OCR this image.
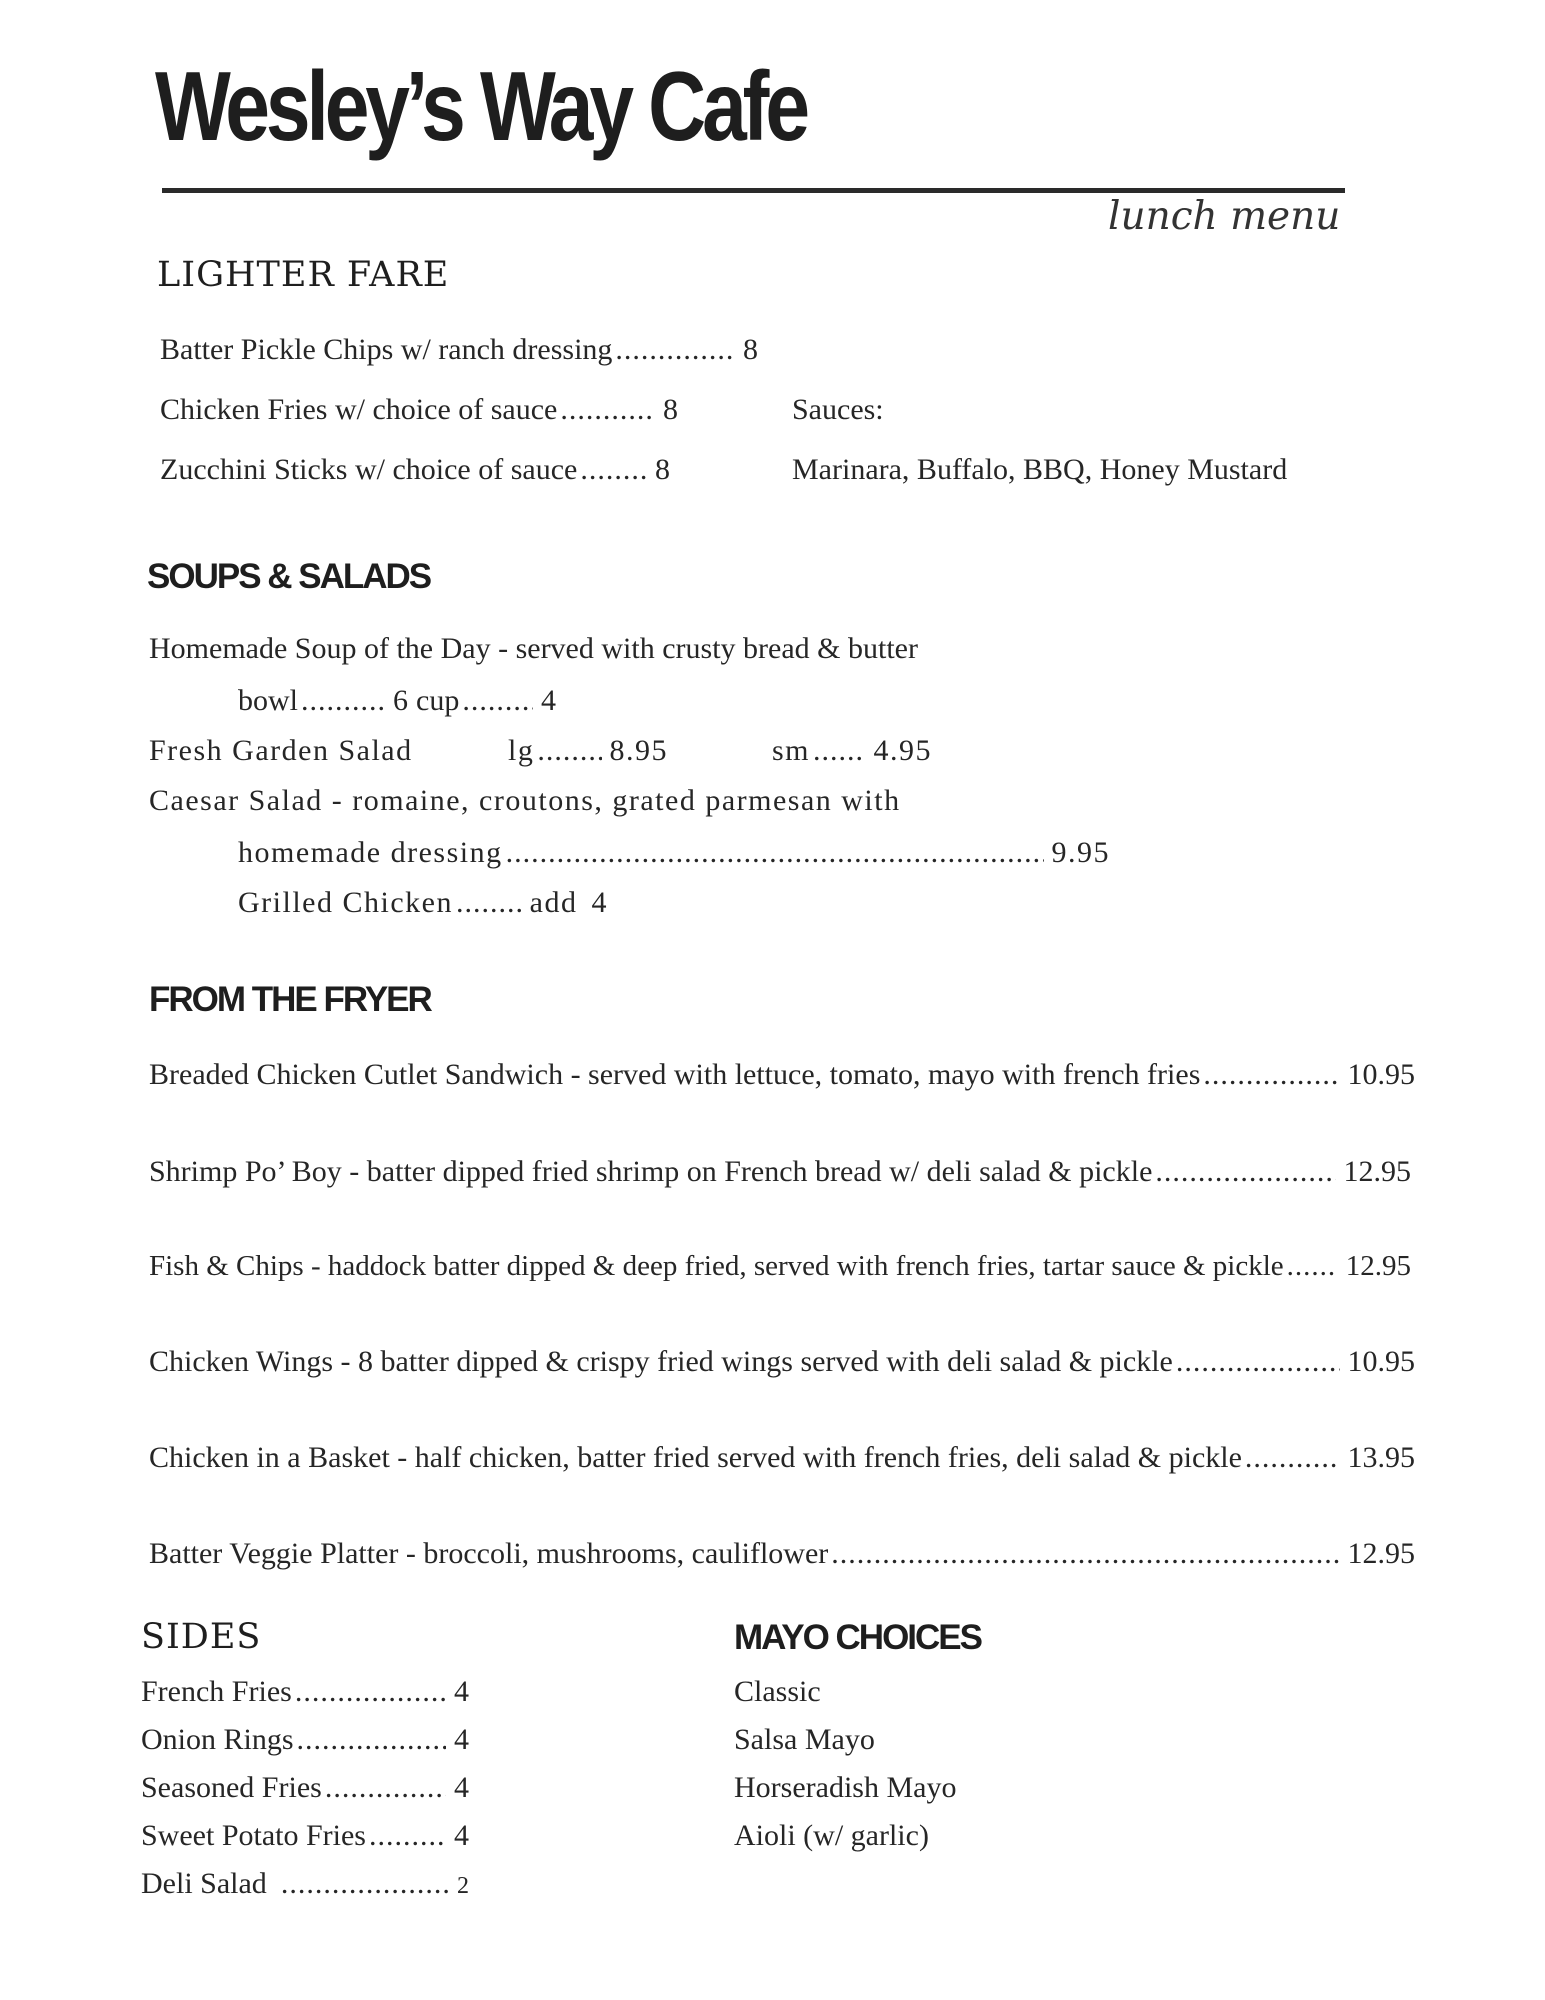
Wesley’s Way Cafe
lunch menu
LIGHTER FARE
Batter Pickle Chips w/ ranch dressing .....	8
Chicken Fries w/ choice of sauce .....	8
Zucchini Sticks w/ choice of sauce .....	8
Sauces:
Marinara, Buffalo, BBQ, Honey Mustard
SOUPS & SALADS
Homemade Soup of the Day - served with crusty bread & butter
bowl .....	6 cup .....	4
Fresh Garden Salad	lg .....	8.95	sm ..... 4.95
Caesar Salad - romaine, croutons, grated parmesan with
homemade dressing .....	9.95
Grilled Chicken .....	add 4
FROM THE FRYER
Breaded Chicken Cutlet Sandwich - served with lettuce, tomato, mayo with french fries .....	10.95
Shrimp Po’ Boy - batter dipped fried shrimp on French bread w/ deli salad & pickle .....	12.95
Fish & Chips - haddock batter dipped & deep fried, served with french fries, tartar sauce & pickle ..... 12.95
Chicken Wings - 8 batter dipped & crispy fried wings served with deli salad & pickle .....	10.95
Chicken in a Basket - half chicken, batter fried served with french fries, deli salad & pickle .....	13.95
Batter Veggie Platter - broccoli, mushrooms, cauliflower .....	12.95
SIDES
French Fries .....	4
Onion Rings .....	4
Seasoned Fries .....	4
Sweet Potato Fries .....	4
Deli Salad .....	2
MAYO CHOICES
Classic
Salsa Mayo
Horseradish Mayo
Aioli (w/ garlic)
